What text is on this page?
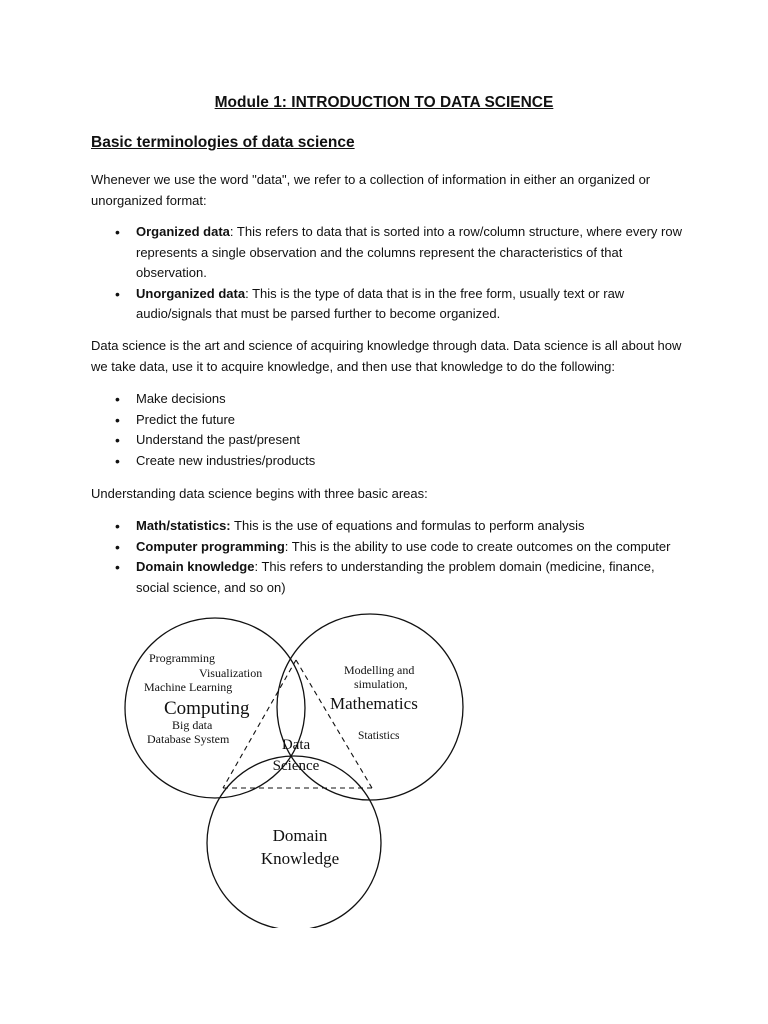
Module 1: INTRODUCTION TO DATA SCIENCE
Basic terminologies of data science
Whenever we use the word "data", we refer to a collection of information in either an organized or unorganized format:
• Organized data: This refers to data that is sorted into a row/column structure, where every row represents a single observation and the columns represent the characteristics of that observation.
• Unorganized data: This is the type of data that is in the free form, usually text or raw audio/signals that must be parsed further to become organized.
Data science is the art and science of acquiring knowledge through data. Data science is all about how we take data, use it to acquire knowledge, and then use that knowledge to do the following:
• Make decisions
• Predict the future
• Understand the past/present
• Create new industries/products
Understanding data science begins with three basic areas:
• Math/statistics: This is the use of equations and formulas to perform analysis
• Computer programming: This is the ability to use code to create outcomes on the computer
• Domain knowledge: This refers to understanding the problem domain (medicine, finance, social science, and so on)
Programming
Visualization
Machine Learning
Computing
Big data
Database System
Modelling and
simulation,
Mathematics
Statistics
Data
Science
Domain
Knowledge
